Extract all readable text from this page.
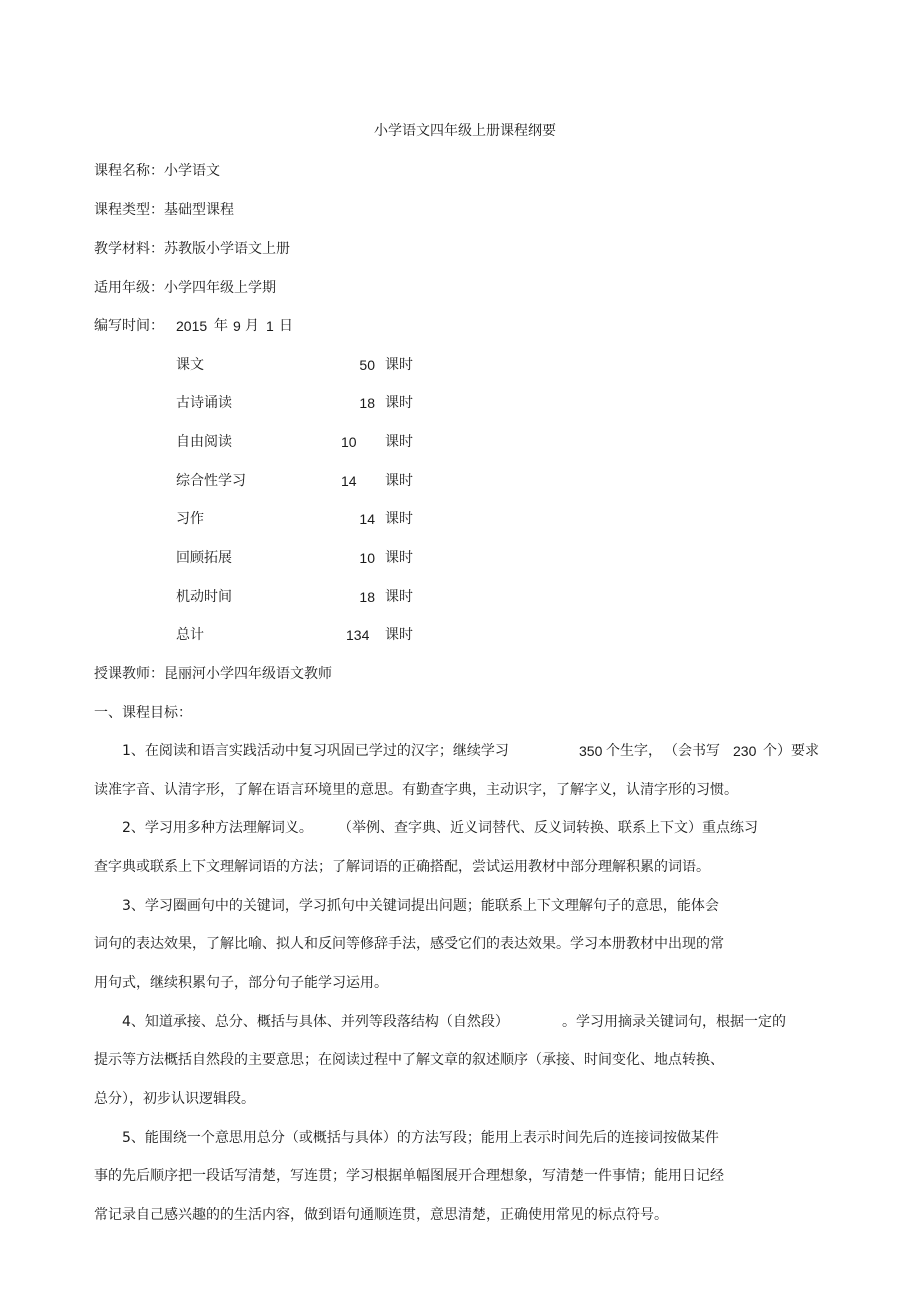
小学语文四年级上册课程纲要
课程名称：小学语文
课程类型：基础型课程
教学材料：苏教版小学语文上册
适用年级：小学四年级上学期
编写时间： 2015 年 9 月 1 日
课文	50 课时
古诗诵读	18 课时
自由阅读	10 课时
综合性学习	14 课时
习作	14 课时
回顾拓展	10 课时
机动时间	18 课时
总计	134 课时
授课教师：昆丽河小学四年级语文教师
一、课程目标：
1、在阅读和语言实践活动中复习巩固已学过的汉字；继续学习	350 个生字， （会书写 230 个）要求
读准字音、认清字形，了解在语言环境里的意思。有勤查字典，主动识字，了解字义，认清字形的习惯。
2、学习用多种方法理解词义。 （举例、查字典、近义词替代、反义词转换、联系上下文）重点练习
查字典或联系上下文理解词语的方法；了解词语的正确搭配，尝试运用教材中部分理解积累的词语。
3、学习圈画句中的关键词，学习抓句中关键词提出问题；能联系上下文理解句子的意思，能体会
词句的表达效果，了解比喻、拟人和反问等修辞手法，感受它们的表达效果。学习本册教材中出现的常
用句式，继续积累句子，部分句子能学习运用。
4、知道承接、总分、概括与具体、并列等段落结构（自然段）	。学习用摘录关键词句，根据一定的
提示等方法概括自然段的主要意思；在阅读过程中了解文章的叙述顺序（承接、时间变化、地点转换、
总分），初步认识逻辑段。
5、能围绕一个意思用总分（或概括与具体）的方法写段；能用上表示时间先后的连接词按做某件
事的先后顺序把一段话写清楚，写连贯；学习根据单幅图展开合理想象，写清楚一件事情；能用日记经
常记录自己感兴趣的的生活内容，做到语句通顺连贯，意思清楚，正确使用常见的标点符号。
